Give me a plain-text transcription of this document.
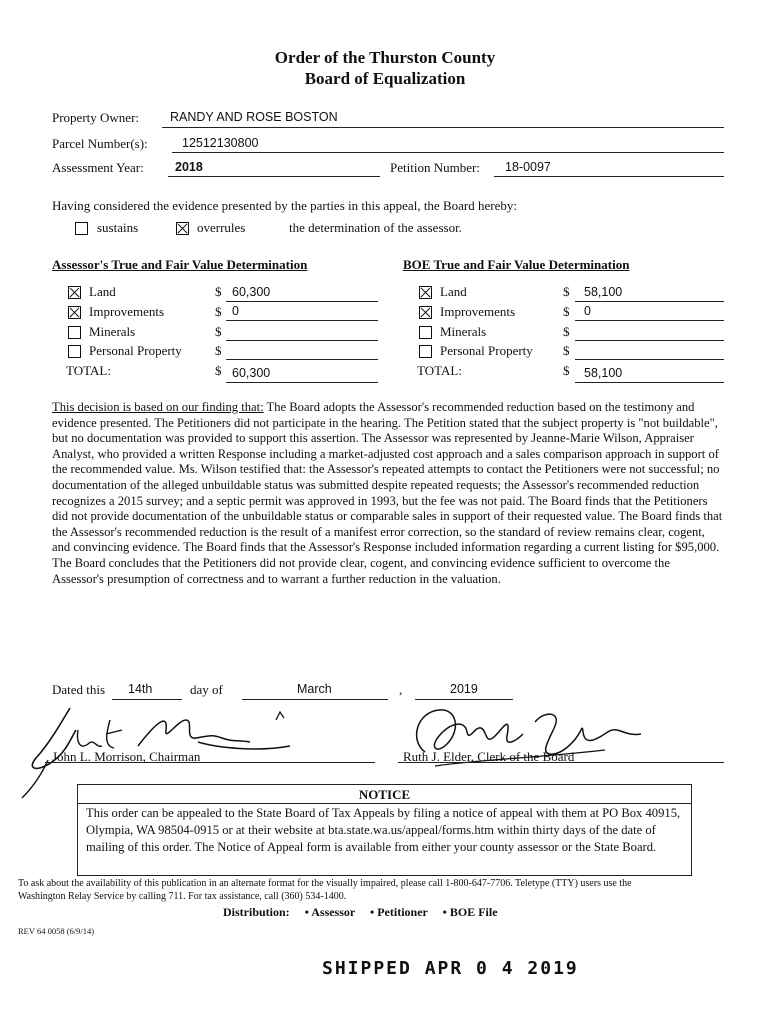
Order of the Thurston County
Board of Equalization
Property Owner: RANDY AND ROSE BOSTON
Parcel Number(s):	12512130800
Assessment Year:	2018	Petition Number: 18-0097
Having considered the evidence presented by the parties in this appeal, the Board hereby:
sustains	overrules	the determination of the assessor.
Assessor's True and Fair Value Determination	BOE True and Fair Value Determination
Land	$ 60,300
Improvements	$ 0
Minerals	$
Personal Property	$
TOTAL:	$ 60,300
Land	$ 58,100
Improvements	$ 0
Minerals	$
Personal Property $
TOTAL:	$ 58,100
This decision is based on our finding that: The Board adopts the Assessor's recommended reduction based on the testimony and evidence presented. The Petitioners did not participate in the hearing. The Petition stated that the subject property is "not buildable", but no documentation was provided to support this assertion. The Assessor was represented by Jeanne-Marie Wilson, Appraiser Analyst, who provided a written Response including a market-adjusted cost approach and a sales comparison approach in support of the recommended value. Ms. Wilson testified that: the Assessor's repeated attempts to contact the Petitioners were not successful; no documentation of the alleged unbuildable status was submitted despite repeated requests; the Assessor's recommended reduction recognizes a 2015 survey; and a septic permit was approved in 1993, but the fee was not paid. The Board finds that the Petitioners did not provide documentation of the unbuildable status or comparable sales in support of their requested value. The Board finds that the Assessor's recommended reduction is the result of a manifest error correction, so the standard of review remains clear, cogent, and convincing evidence. The Board finds that the Assessor's Response included information regarding a current listing for $95,000. The Board concludes that the Petitioners did not provide clear, cogent, and convincing evidence sufficient to overcome the Assessor's presumption of correctness and to warrant a further reduction in the valuation.
Dated this 14th	day of	March	,	2019
John L. Morrison, Chairman	Ruth J. Elder, Clerk of the Board
NOTICE
This order can be appealed to the State Board of Tax Appeals by filing a notice of appeal with them at PO Box 40915, Olympia, WA 98504-0915 or at their website at bta.state.wa.us/appeal/forms.htm within thirty days of the date of mailing of this order. The Notice of Appeal form is available from either your county assessor or the State Board.
To ask about the availability of this publication in an alternate format for the visually impaired, please call 1-800-647-7706. Teletype (TTY) users use the Washington Relay Service by calling 711. For tax assistance, call (360) 534-1400.
Distribution: • Assessor • Petitioner • BOE File
REV 64 0058 (6/9/14)
SHIPPED APR 0 4 2019
